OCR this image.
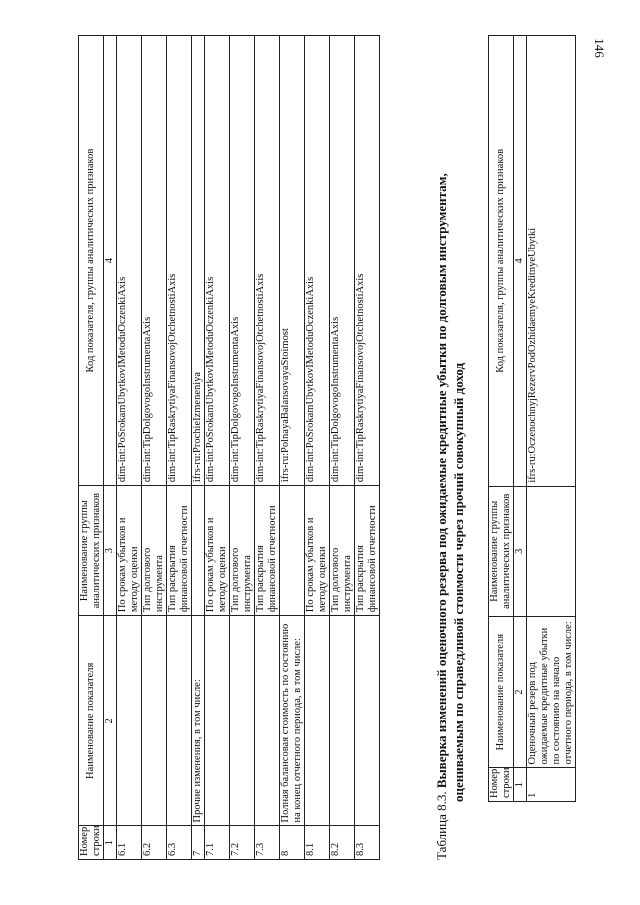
146
Номер строки	Наименование показателя	Наименование группы аналитических признаков	Код показателя, группы аналитических признаков
1	2	3	4
6.1		По срокам убытков и методу оценки	dim-int:PoSrokamUbytkovIMetoduOczenkiAxis
6.2		Тип долгового инструмента	dim-int:TipDolgovogoInstrumentaAxis
6.3		Тип раскрытия финансовой отчетности	dim-int:TipRaskrytiyaFinansovojOtchetnostiAxis
7	Прочие изменения, в том числе:		ifrs-ru:ProchieIzmeneniya
7.1		По срокам убытков и методу оценки	dim-int:PoSrokamUbytkovIMetoduOczenkiAxis
7.2		Тип долгового инструмента	dim-int:TipDolgovogoInstrumentaAxis
7.3		Тип раскрытия финансовой отчетности	dim-int:TipRaskrytiyaFinansovojOtchetnostiAxis
8	Полная балансовая стоимость по состоянию на конец отчетного периода, в том числе:		ifrs-ru:PolnayaBalansovayaStoimost
8.1		По срокам убытков и методу оценки	dim-int:PoSrokamUbytkovIMetoduOczenkiAxis
8.2		Тип долгового инструмента	dim-int:TipDolgovogoInstrumentaAxis
8.3		Тип раскрытия финансовой отчетности	dim-int:TipRaskrytiyaFinansovojOtchetnostiAxis
Таблица 8.3. Выверка изменений оценочного резерва под ожидаемые кредитные убытки по долговым инструментам, оцениваемым по справедливой стоимости через прочий совокупный доход Номер строки	Наименование показателя	Наименование группы аналитических признаков	Код показателя, группы аналитических признаков
1	2	3	4
1	Оценочный резерв под ожидаемые кредитные убытки по состоянию на начало отчетного периода, в том числе:		ifrs-ru:OczenochnyjRezervPodOzhidaemyeKreditnyeUbytki
